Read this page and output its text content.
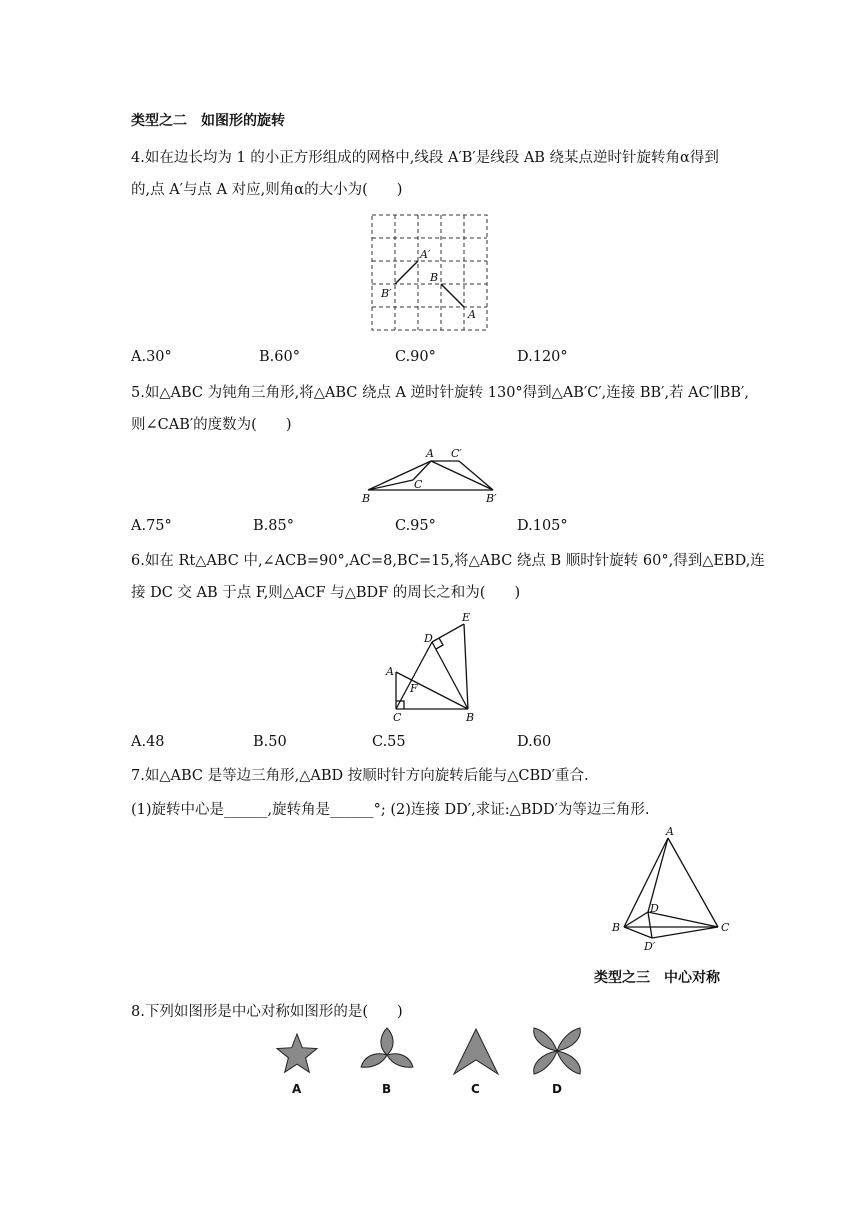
类型之二　如图形的旋转
4.如在边长均为 1 的小正方形组成的网格中,线段 A′B′是线段 AB 绕某点逆时针旋转角α得到
的,点 A′与点 A 对应,则角α的大小为(　　)
A′
B′
B
A
A.30°	B.60°	C.90°	D.120°
5.如△ABC 为钝角三角形,将△ABC 绕点 A 逆时针旋转 130°得到△AB′C′,连接 BB′,若 AC′∥BB′,
则∠CAB′的度数为(　　)
A C′
C
B	B′
A.75°	B.85°	C.95°	D.105°
6.如在 Rt△ABC 中,∠ACB=90°,AC=8,BC=15,将△ABC 绕点 B 顺时针旋转 60°,得到△EBD,连
接 DC 交 AB 于点 F,则△ACF 与△BDF 的周长之和为(　　)
E
D
A
F
C	B
A.48	B.50	C.55	D.60
7.如△ABC 是等边三角形,△ABD 按顺时针方向旋转后能与△CBD′重合.
(1)旋转中心是______,旋转角是______°; (2)连接 DD′,求证:△BDD′为等边三角形.
A
D
B	C
D′
类型之三　中心对称
8.下列如图形是中心对称如图形的是(　　)
A	B	C	D
